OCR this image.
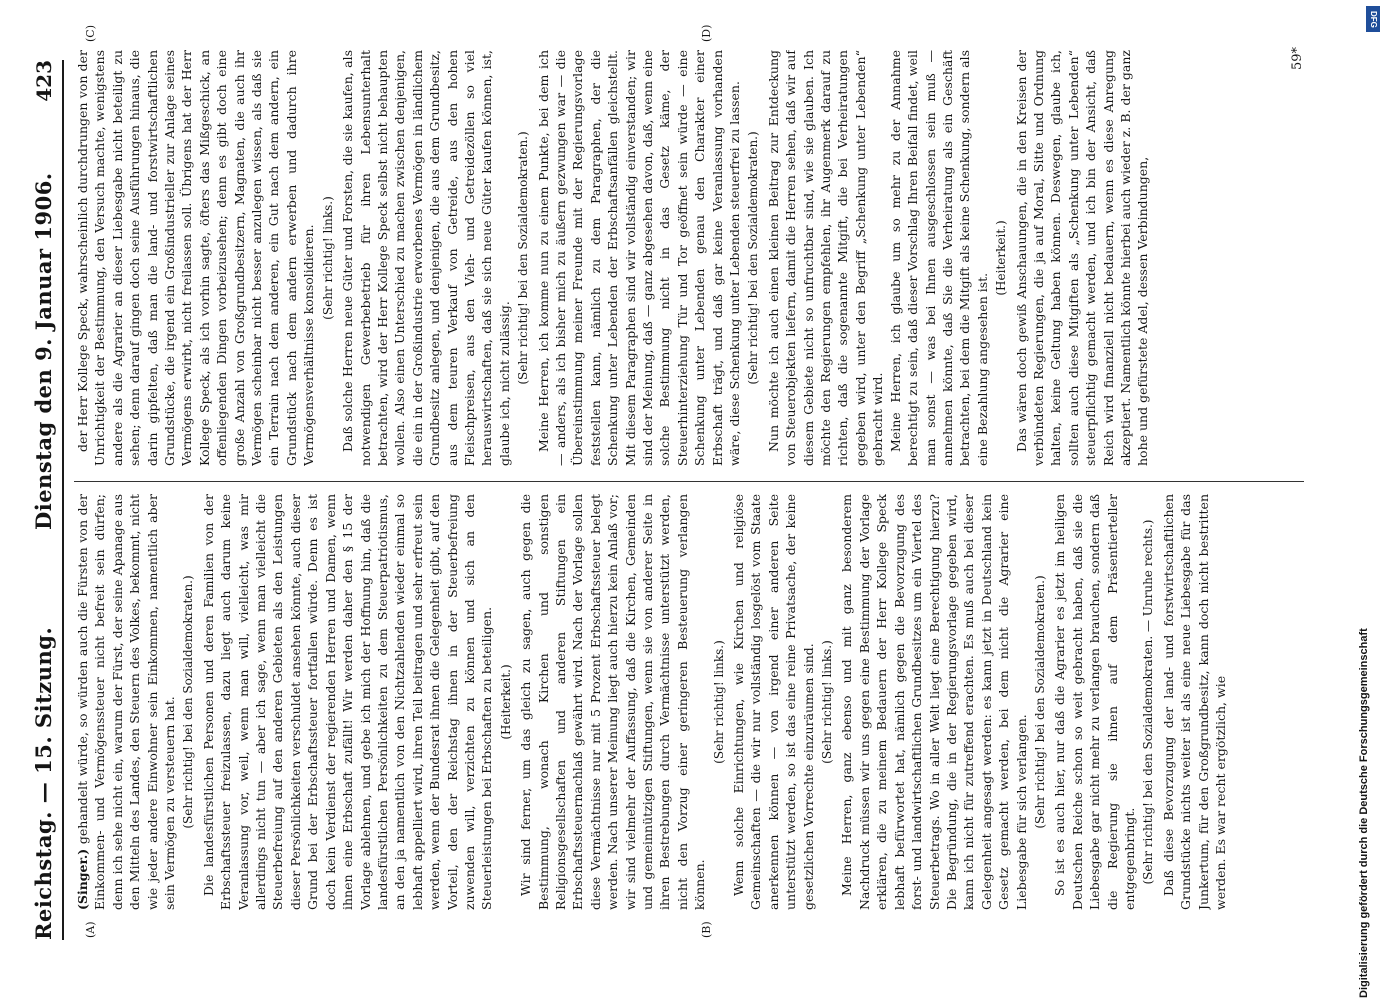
Reichstag. — 15. Sitzung.
Dienstag den 9. Januar 1906.
423
(A)	(B)
(C)	(D)

(Singer.) gehandelt würde, so würden auch die Fürsten von der Einkommen- und Vermögenssteuer nicht befreit sein dürfen; denn ich sehe nicht ein, warum der Fürst, der seine Apanage aus den Mitteln des Landes, den Steuern des Volkes, bekommt, nicht wie jeder andere Einwohner sein Einkommen, namentlich aber sein Vermögen zu versteuern hat. (Sehr richtig! bei den Sozialdemokraten.) Die landesfürstlichen Personen und deren Familien von der Erbschaftssteuer freizulassen, dazu liegt auch darum keine Veranlassung vor, weil, wenn man will, vielleicht, was mir allerdings nicht tun — aber ich sage, wenn man vielleicht die Steuerbefreiung auf den anderen Gebieten als den Leistungen dieser Persönlichkeiten verschuldet ansehen könnte, auch dieser Grund bei der Erbschaftssteuer fortfallen würde. Denn es ist doch kein Verdienst der regierenden Herren und Damen, wenn ihnen eine Erbschaft zufällt! Wir werden daher den § 15 der Vorlage ablehnen, und gebe ich mich der Hoffnung hin, daß die landesfürstlichen Persönlichkeiten zu dem Steuerpatriotismus, an den ja namentlich von den Nichtzahlenden wieder einmal so lebhaft appelliert wird, ihren Teil beitragen und sehr erfreut sein werden, wenn der Bundesrat ihnen die Gelegenheit gibt, auf den Vorteil, den der Reichstag ihnen in der Steuerbefreiung zuwenden will, verzichten zu können und sich an den Steuerleistungen bei Erbschaften zu beteiligen. (Heiterkeit.) Wir sind ferner, um das gleich zu sagen, auch gegen die Bestimmung, wonach Kirchen und sonstigen Religionsgesellschaften und anderen Stiftungen ein Erbschaftssteuernachlaß gewährt wird. Nach der Vorlage sollen diese Vermächtnisse nur mit 5 Prozent Erbschaftssteuer belegt werden. Nach unserer Meinung liegt auch hierzu kein Anlaß vor; wir sind vielmehr der Auffassung, daß die Kirchen, Gemeinden und gemeinnützigen Stiftungen, wenn sie von anderer Seite in ihren Bestrebungen durch Vermächtnisse unterstützt werden, nicht den Vorzug einer geringeren Besteuerung verlangen können.

(Sehr richtig! links.) Wenn solche Einrichtungen, wie Kirchen und religiöse Gemeinschaften — die wir nur vollständig losgelöst vom Staate anerkennen können — von irgend einer anderen Seite unterstützt werden, so ist das eine reine Privatsache, der keine gesetzlichen Vorrechte einzuräumen sind. (Sehr richtig! links.) Meine Herren, ganz ebenso und mit ganz besonderem Nachdruck müssen wir uns gegen eine Bestimmung der Vorlage erklären, die zu meinem Bedauern der Herr Kollege Speck lebhaft befürwortet hat, nämlich gegen die Bevorzugung des forst- und landwirtschaftlichen Grundbesitzes um ein Viertel des Steuerbetrags. Wo in aller Welt liegt eine Berechtigung hierzu? Die Begründung, die in der Regierungsvorlage gegeben wird, kann ich nicht für zutreffend erachten. Es muß auch bei dieser Gelegenheit angesagt werden: es kann jetzt in Deutschland kein Gesetz gemacht werden, bei dem nicht die Agrarier eine Liebesgabe für sich verlangen. (Sehr richtig! bei den Sozialdemokraten.) So ist es auch hier, nur daß die Agrarier es jetzt im heiligen Deutschen Reiche schon so weit gebracht haben, daß sie die Liebesgabe gar nicht mehr zu verlangen brauchen, sondern daß die Regierung sie ihnen auf dem Präsentierteller entgegenbringt. (Sehr richtig! bei den Sozialdemokraten. — Unruhe rechts.) Daß diese Bevorzugung der land- und forstwirtschaftlichen Grundstücke nichts weiter ist als eine neue Liebesgabe für das Junkertum, für den Großgrundbesitz, kann doch nicht bestritten werden. Es war recht ergötzlich, wie

der Herr Kollege Speck, wahrscheinlich durchdrungen von der Unrichtigkeit der Bestimmung, den Versuch machte, wenigstens andere als die Agrarier an dieser Liebesgabe nicht beteiligt zu sehen; denn darauf gingen doch seine Ausführungen hinaus, die darin gipfelten, daß man die land- und forstwirtschaftlichen Grundstücke, die irgend ein Großindustrieller zur Anlage seines Vermögens erwirbt, nicht freilassen soll. Übrigens hat der Herr Kollege Speck, als ich vorhin sagte, öfters das Mißgeschick, an offenliegenden Dingen vorbeizusehen; denn es gibt doch eine große Anzahl von Großgrundbesitzern, Magnaten, die auch ihr Vermögen scheinbar nicht besser anzulegen wissen, als daß sie ein Terrain nach dem anderen, ein Gut nach dem andern, ein Grundstück nach dem andern erwerben und dadurch ihre Vermögensverhältnisse konsolidieren. (Sehr richtig! links.) Daß solche Herren neue Güter und Forsten, die sie kaufen, als notwendigen Gewerbebetrieb für ihren Lebensunterhalt betrachten, wird der Herr Kollege Speck selbst nicht behaupten wollen. Also einen Unterschied zu machen zwischen denjenigen, die ein in der Großindustrie erworbenes Vermögen in ländlichem Grundbesitz anlegen, und denjenigen, die aus dem Grundbesitz, aus dem teuren Verkauf von Getreide, aus den hohen Fleischpreisen, aus den Vieh- und Getreidezöllen so viel herauswirtschaften, daß sie sich neue Güter kaufen können, ist, glaube ich, nicht zulässig. (Sehr richtig! bei den Sozialdemokraten.) Meine Herren, ich komme nun zu einem Punkte, bei dem ich — anders, als ich bisher mich zu äußern gezwungen war — die Übereinstimmung meiner Freunde mit der Regierungsvorlage feststellen kann, nämlich zu dem Paragraphen, der die Schenkung unter Lebenden der Erbschaftsanfällen gleichstellt. Mit diesem Paragraphen sind wir vollständig einverstanden; wir sind der Meinung, daß — ganz abgesehen davon, daß, wenn eine solche Bestimmung nicht in das Gesetz käme, der Steuerhinterziehung Tür und Tor geöffnet sein würde — eine Schenkung unter Lebenden genau den Charakter einer Erbschaft trägt, und daß gar keine Veranlassung vorhanden wäre, diese Schenkung unter Lebenden steuerfrei zu lassen. (Sehr richtig! bei den Sozialdemokraten.) Nun möchte ich auch einen kleinen Beitrag zur Entdeckung von Steuerobjekten liefern, damit die Herren sehen, daß wir auf diesem Gebiete nicht so unfruchtbar sind, wie sie glauben. Ich möchte den Regierungen empfehlen, ihr Augenmerk darauf zu richten, daß die sogenannte Mitgift, die bei Verheiratungen gegeben wird, unter den Begriff „Schenkung unter Lebenden“ gebracht wird. Meine Herren, ich glaube um so mehr zu der Annahme berechtigt zu sein, daß dieser Vorschlag Ihren Beifall findet, weil man sonst — was bei Ihnen ausgeschlossen sein muß — annehmen könnte, daß Sie die Verheiratung als ein Geschäft betrachten, bei dem die Mitgift als keine Schenkung, sondern als eine Bezahlung angesehen ist.

(Heiterkeit.) Das wären doch gewiß Anschauungen, die in den Kreisen der verbündeten Regierungen, die ja auf Moral, Sitte und Ordnung halten, keine Geltung haben können. Deswegen, glaube ich, sollten auch diese Mitgiften als „Schenkung unter Lebenden“ steuerpflichtig gemacht werden, und ich bin der Ansicht, daß Reich wird finanziell nicht bedauern, wenn es diese Anregung akzeptiert. Namentlich könnte hierbei auch wieder z. B. der ganz hohe und gefürstete Adel, dessen Verbindungen,

59*
Digitalisierung gefördert durch die Deutsche Forschungsgemeinschaft
DFG
